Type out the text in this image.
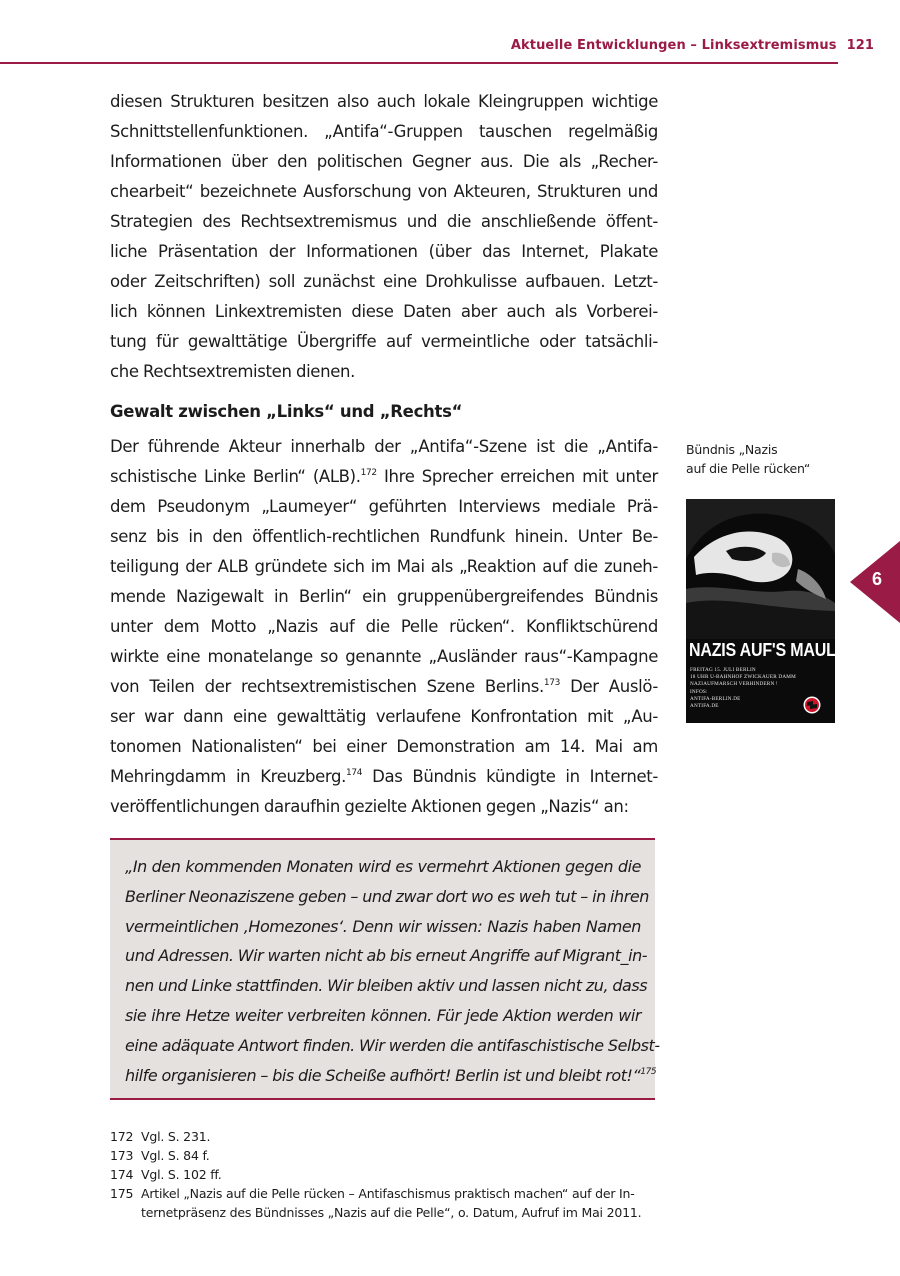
Aktuelle Entwicklungen – Linksextremismus 121
diesen Strukturen besitzen also auch lokale Kleingruppen wichtige
Schnittstellenfunktionen. „Antifa“-Gruppen tauschen regelmäßig
Informationen über den politischen Gegner aus. Die als „Recher-
chearbeit“ bezeichnete Ausforschung von Akteuren, Strukturen und
Strategien des Rechtsextremismus und die anschließende öffent-
liche Präsentation der Informationen (über das Internet, Plakate
oder Zeitschriften) soll zunächst eine Drohkulisse aufbauen. Letzt-
lich können Linkextremisten diese Daten aber auch als Vorberei-
tung für gewalttätige Übergriffe auf vermeintliche oder tatsächli-
che Rechtsextremisten dienen.
Gewalt zwischen „Links“ und „Rechts“
Der führende Akteur innerhalb der „Antifa“-Szene ist die „Antifa-
schistische Linke Berlin“ (ALB).$^{172}$ Ihre Sprecher erreichen mit unter
dem Pseudonym „Laumeyer“ geführten Interviews mediale Prä-
senz bis in den öffentlich-rechtlichen Rundfunk hinein. Unter Be-
teiligung der ALB gründete sich im Mai als „Reaktion auf die zuneh-
mende Nazigewalt in Berlin“ ein gruppenübergreifendes Bündnis
unter dem Motto „Nazis auf die Pelle rücken“. Konfliktschürend
wirkte eine monatelange so genannte „Ausländer raus“-Kampagne
von Teilen der rechtsextremistischen Szene Berlins.$^{173}$ Der Auslö-
ser war dann eine gewalttätig verlaufene Konfrontation mit „Au-
tonomen Nationalisten“ bei einer Demonstration am 14. Mai am
Mehringdamm in Kreuzberg.$^{174}$ Das Bündnis kündigte in Internet-
veröffentlichungen daraufhin gezielte Aktionen gegen „Nazis“ an:
Bündnis „Nazis
auf die Pelle rücken“
NAZIS AUF'S MAUL!
FREITAG 15. JULI BERLIN
18 UHR U-BAHNHOF ZWICKAUER DAMM
NAZIAUFMARSCH VERHINDERN !
INFOS:
ANTIFA-BERLIN.DE
ANTIFA.DE
6
„In den kommenden Monaten wird es vermehrt Aktionen gegen die
Berliner Neonaziszene geben – und zwar dort wo es weh tut – in ihren
vermeintlichen ‚Homezones‘. Denn wir wissen: Nazis haben Namen
und Adressen. Wir warten nicht ab bis erneut Angriffe auf Migrant_in-
nen und Linke stattfinden. Wir bleiben aktiv und lassen nicht zu, dass
sie ihre Hetze weiter verbreiten können. Für jede Aktion werden wir
eine adäquate Antwort finden. Wir werden die antifaschistische Selbst-
hilfe organisieren – bis die Scheiße aufhört! Berlin ist und bleibt rot!“$^{175}$
172 Vgl. S. 231.
173 Vgl. S. 84 f.
174 Vgl. S. 102 ff.
175 Artikel „Nazis auf die Pelle rücken – Antifaschismus praktisch machen“ auf der In-
ternetpräsenz des Bündnisses „Nazis auf die Pelle“, o. Datum, Aufruf im Mai 2011.
